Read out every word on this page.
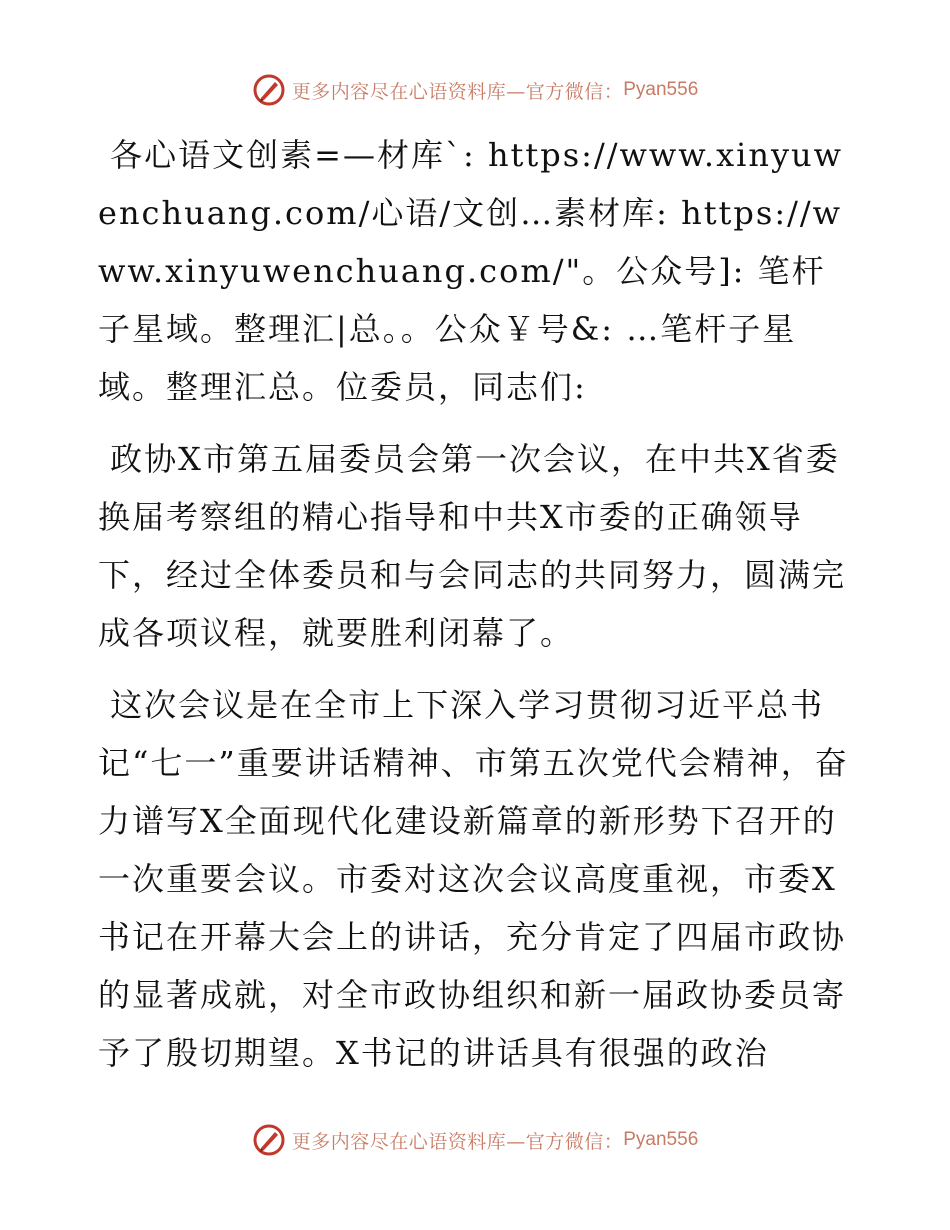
更多内容尽在心语资料库—官方微信： Pyan556

各心语文创素=—材库`: https://www.xinyuwenchuang.com/心语/文创…素材库: https://www.xinyuwenchuang.com/"。公众号]: 笔杆子星域。整理汇|总。。公众￥号&: …笔杆子星域。整理汇总。位委员，同志们:

政协X市第五届委员会第一次会议，在中共X省委换届考察组的精心指导和中共X市委的正确领导下，经过全体委员和与会同志的共同努力，圆满完成各项议程，就要胜利闭幕了。

这次会议是在全市上下深入学习贯彻习近平总书记“七一”重要讲话精神、市第五次党代会精神，奋力谱写X全面现代化建设新篇章的新形势下召开的一次重要会议。市委对这次会议高度重视，市委X书记在开幕大会上的讲话，充分肯定了四届市政协的显著成就，对全市政协组织和新一届政协委员寄予了殷切期望。X书记的讲话具有很强的政治

更多内容尽在心语资料库—官方微信： Pyan556
